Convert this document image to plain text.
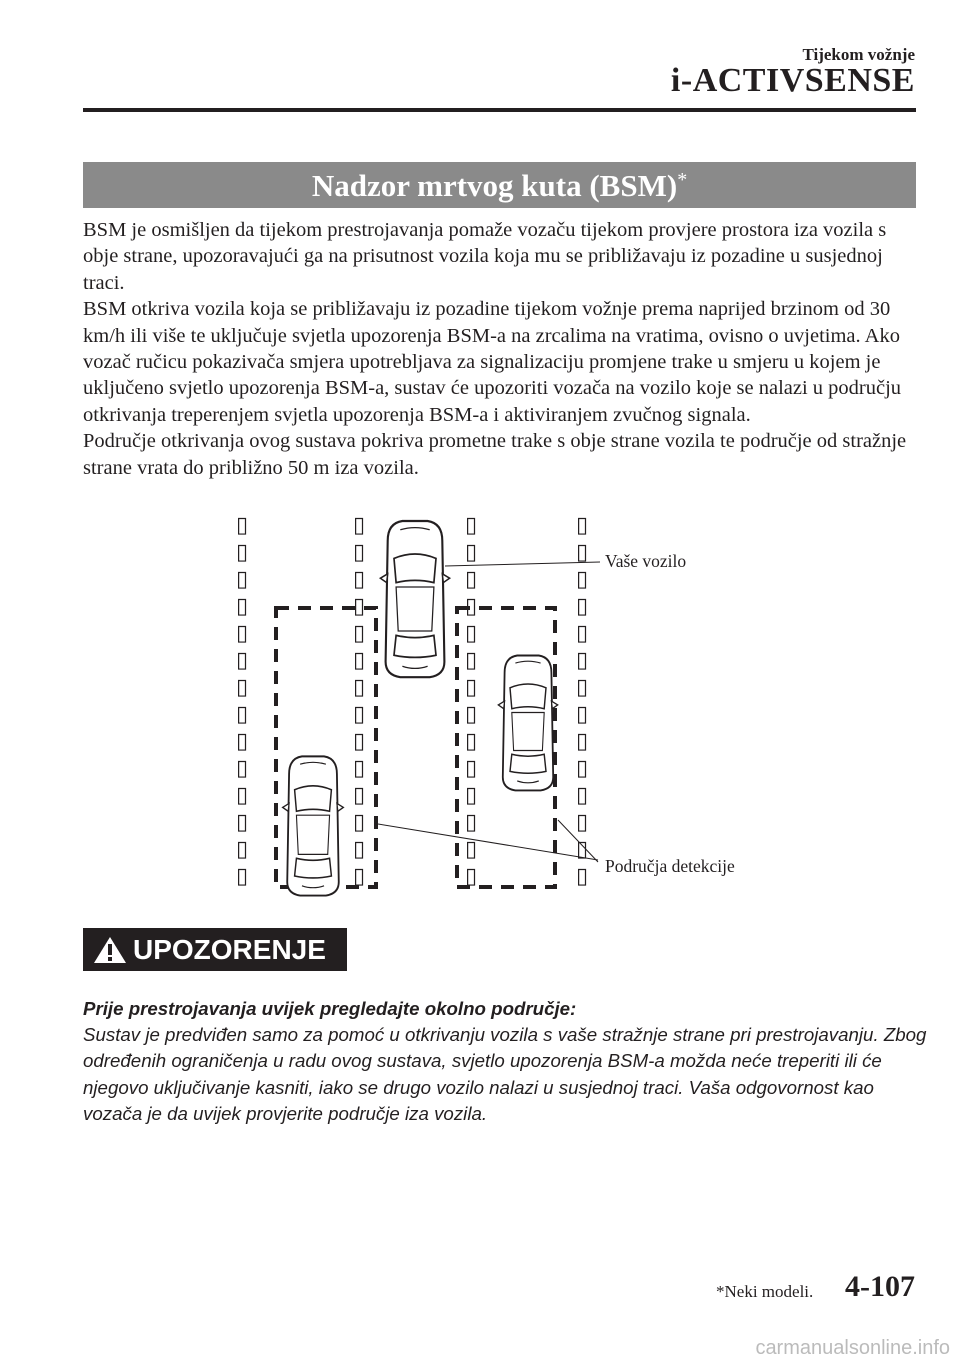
Tijekom vožnje
i-ACTIVSENSE
Nadzor mrtvog kuta (BSM)*

BSM je osmišljen da tijekom prestrojavanja pomaže vozaču tijekom provjere prostora iza vozila s obje strane, upozoravajući ga na prisutnost vozila koja mu se približavaju iz pozadine u susjednoj traci.

BSM otkriva vozila koja se približavaju iz pozadine tijekom vožnje prema naprijed brzinom od 30 km/h ili više te uključuje svjetla upozorenja BSM-a na zrcalima na vratima, ovisno o uvjetima. Ako vozač ručicu pokazivača smjera upotrebljava za signalizaciju promjene trake u smjeru u kojem je uključeno svjetlo upozorenja BSM-a, sustav će upozoriti vozača na vozilo koje se nalazi u području otkrivanja treperenjem svjetla upozorenja BSM-a i aktiviranjem zvučnog signala.

Područje otkrivanja ovog sustava pokriva prometne trake s obje strane vozila te područje od stražnje strane vrata do približno 50 m iza vozila.

▯
▯
▯
▯
▯
▯
▯
▯
▯
▯
▯
▯
▯
▯
▯
▯
▯
▯
▯
▯
▯
▯
▯
▯
▯
▯
▯
▯
▯
▯
▯
▯
▯
▯
▯
▯
▯
▯
▯
▯
▯
▯
▯
▯
▯
▯
▯
▯
▯
▯
▯
▯
▯
▯
▯
▯
Vaše vozilo
Područja detekcije
UPOZORENJE

Prije prestrojavanja uvijek pregledajte okolno područje:

Sustav je predviđen samo za pomoć u otkrivanju vozila s vaše stražnje strane pri prestrojavanju. Zbog određenih ograničenja u radu ovog sustava, svjetlo upozorenja BSM-a možda neće treperiti ili će njegovo uključivanje kasniti, iako se drugo vozilo nalazi u susjednoj traci. Vaša odgovornost kao vozača je da uvijek provjerite područje iza vozila.

*Neki modeli. 4-107
carmanualsonline.info
